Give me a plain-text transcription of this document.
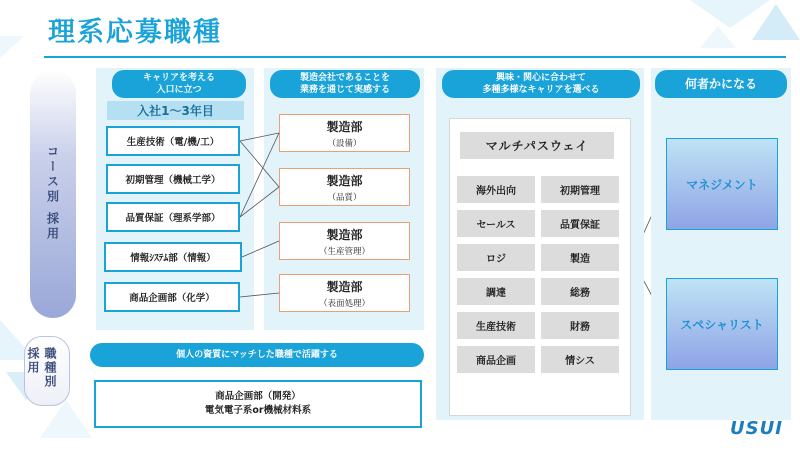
理系応募職種
コース別 採用
職種別 採用
キャリアを考える
入口に立つ
入社1～3年目
生産技術（電/機/工）
初期管理（機械工学）
品質保証（理系学部）
情報ｼｽﾃﾑ部（情報）
商品企画部（化学）
製造会社であることを
業務を通じて実感する
製造部
（設備）
製造部
（品質）
製造部
（生産管理）
製造部
（表面処理）
興味・関心に合わせて
多種多様なキャリアを選べる
マルチパスウェイ
海外出向	初期管理
セールス	品質保証
ロジ	製造
調達	総務
生産技術	財務
商品企画	情シス
何者かになる
マネジメント
スペシャリスト
個人の資質にマッチした職種で活躍する
商品企画部（開発）
電気電子系or機械材料系
USUI
